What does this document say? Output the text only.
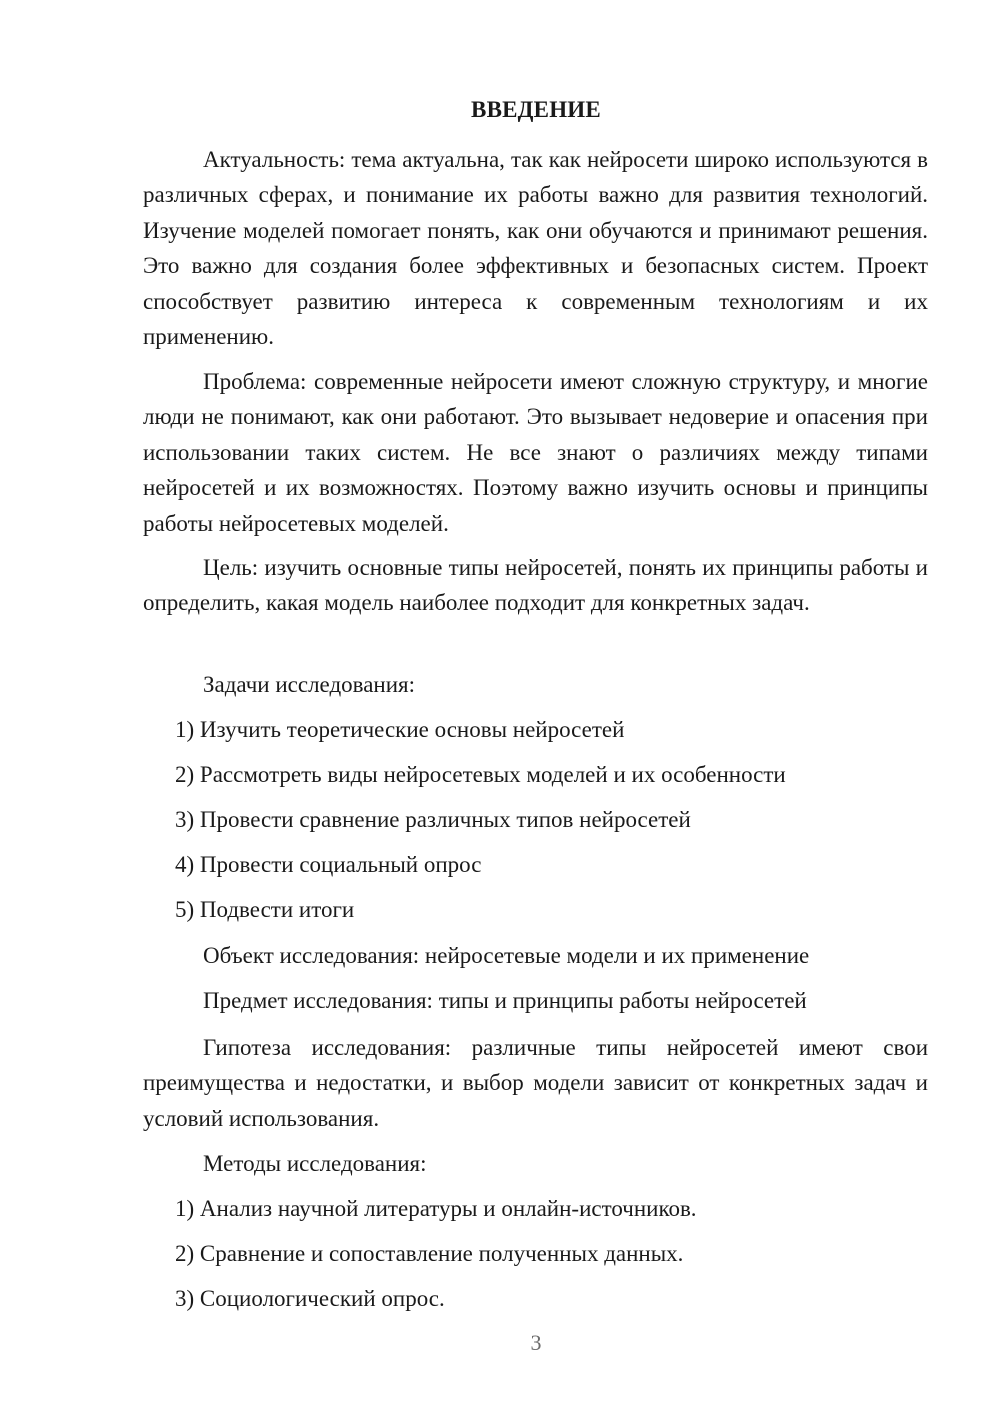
ВВЕДЕНИЕ

Актуальность: тема актуальна, так как нейросети широко используются в различных сферах, и понимание их работы важно для развития технологий. Изучение моделей помогает понять, как они обучаются и принимают решения. Это важно для создания более эффективных и безопасных систем. Проект способствует развитию интереса к современным технологиям и их применению.

Проблема: современные нейросети имеют сложную структуру, и многие люди не понимают, как они работают. Это вызывает недоверие и опасения при использовании таких систем. Не все знают о различиях между типами нейросетей и их возможностях. Поэтому важно изучить основы и принципы работы нейросетевых моделей.

Цель: изучить основные типы нейросетей, понять их принципы работы и определить, какая модель наиболее подходит для конкретных задач.

Задачи исследования:

1) Изучить теоретические основы нейросетей

2) Рассмотреть виды нейросетевых моделей и их особенности

3) Провести сравнение различных типов нейросетей

4) Провести социальный опрос

5) Подвести итоги

Объект исследования: нейросетевые модели и их применение

Предмет исследования: типы и принципы работы нейросетей

Гипотеза исследования: различные типы нейросетей имеют свои преимущества и недостатки, и выбор модели зависит от конкретных задач и условий использования.

Методы исследования:

1) Анализ научной литературы и онлайн-источников.

2) Сравнение и сопоставление полученных данных.

3) Социологический опрос.

3
